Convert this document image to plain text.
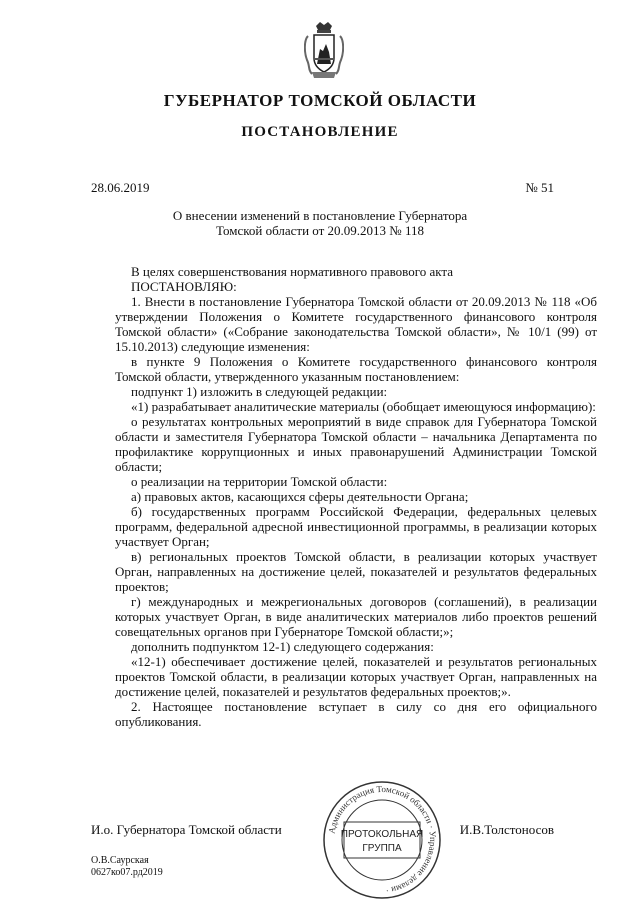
ГУБЕРНАТОР ТОМСКОЙ ОБЛАСТИ
ПОСТАНОВЛЕНИЕ
28.06.2019	№ 51
О внесении изменений в постановление Губернатора
Томской области от 20.09.2013 № 118

В целях совершенствования нормативного правового акта

ПОСТАНОВЛЯЮ:

1. Внести в постановление Губернатора Томской области от 20.09.2013 № 118 «Об утверждении Положения о Комитете государственного финансового контроля Томской области» («Собрание законодательства Томской области», № 10/1 (99) от 15.10.2013) следующие изменения:

в пункте 9 Положения о Комитете государственного финансового контроля Томской области, утвержденного указанным постановлением:

подпункт 1) изложить в следующей редакции:

«1) разрабатывает аналитические материалы (обобщает имеющуюся информацию):

о результатах контрольных мероприятий в виде справок для Губернатора Томской области и заместителя Губернатора Томской области – начальника Департамента по профилактике коррупционных и иных правонарушений Администрации Томской области;

о реализации на территории Томской области:

а) правовых актов, касающихся сферы деятельности Органа;

б) государственных программ Российской Федерации, федеральных целевых программ, федеральной адресной инвестиционной программы, в реализации которых участвует Орган;

в) региональных проектов Томской области, в реализации которых участвует Орган, направленных на достижение целей, показателей и результатов федеральных проектов;

г) международных и межрегиональных договоров (соглашений), в реализации которых участвует Орган, в виде аналитических материалов либо проектов решений совещательных органов при Губернаторе Томской области;»;

дополнить подпунктом 12-1) следующего содержания:

«12-1) обеспечивает достижение целей, показателей и результатов региональных проектов Томской области, в реализации которых участвует Орган, направленных на достижение целей, показателей и результатов федеральных проектов;».

2. Настоящее постановление вступает в силу со дня его официального опубликования.

И.о. Губернатора Томской области	И.В.Толстоносов
О.В.Саурская
0627ко07.рд2019
Администрация Томской области · Управление делами ·
ПРОТОКОЛЬНАЯ
ГРУППА
